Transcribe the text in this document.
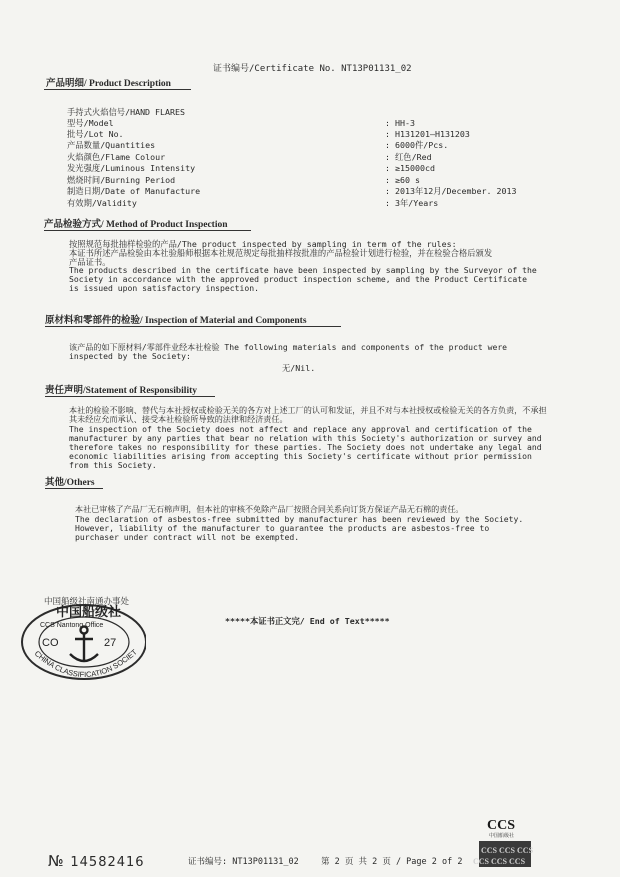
证书编号/Certificate No. NT13P01131_02
产品明细/ Product Description
手持式火焰信号/HAND FLARES
型号/Model	: HH-3
批号/Lot No.	: H131201—H131203
产品数量/Quantities	: 6000件/Pcs.
火焰颜色/Flame Colour	: 红色/Red
发光强度/Luminous Intensity	: ≥15000cd
燃烧时间/Burning Period	: ≥60 s
制造日期/Date of Manufacture	: 2013年12月/December. 2013
有效期/Validity	: 3年/Years
产品检验方式/ Method of Product Inspection
按照规范每批抽样检验的产品/The product inspected by sampling in term of the rules:
本证书所述产品检验由本社验船师根据本社规范规定每批抽样按批准的产品检验计划进行检验，并在检验合格后颁发
产品证书。
The products described in the certificate have been inspected by sampling by the Surveyor of the Society in accordance with the approved product inspection scheme, and the Product Certificate is issued upon satisfactory inspection.
原材料和零部件的检验/ Inspection of Material and Components
该产品的如下原材料/零部件业经本社检验 The following materials and components of the product were inspected by the Society:
无/Nil.
责任声明/Statement of Responsibility
本社的检验不影响、替代与本社授权或检验无关的各方对上述工厂的认可和发证，并且不对与本社授权或检验无关的各方负责，不承担其未经应允而承认、接受本社检验所导致的法律和经济责任。
The inspection of the Society does not affect and replace any approval and certification of the manufacturer by any parties that bear no relation with this Society's authorization or survey and therefore takes no responsibility for these parties. The Society does not undertake any legal and economic liabilities arising from accepting this Society's certificate without prior permission from this Society.
其他/Others
本社已审核了产品厂无石棉声明，但本社的审核不免除产品厂按照合同关系向订货方保证产品无石棉的责任。
The declaration of asbestos-free submitted by manufacturer has been reviewed by the Society. However, liability of the manufacturer to guarantee the products are asbestos-free to purchaser under contract will not be exempted.
中国船级社南通办事处
中国船级社
CCS Nantong Office
CO	27
CHINA CLASSIFICATION SOCIET
*****本证书正文完/ End of Text*****
CCS
中国船级社
CCS CCS CCS
CCS CCS CCS
№ 14582416	证书编号: NT13P01131_02	第 2 页 共 2 页 / Page 2 of 2
